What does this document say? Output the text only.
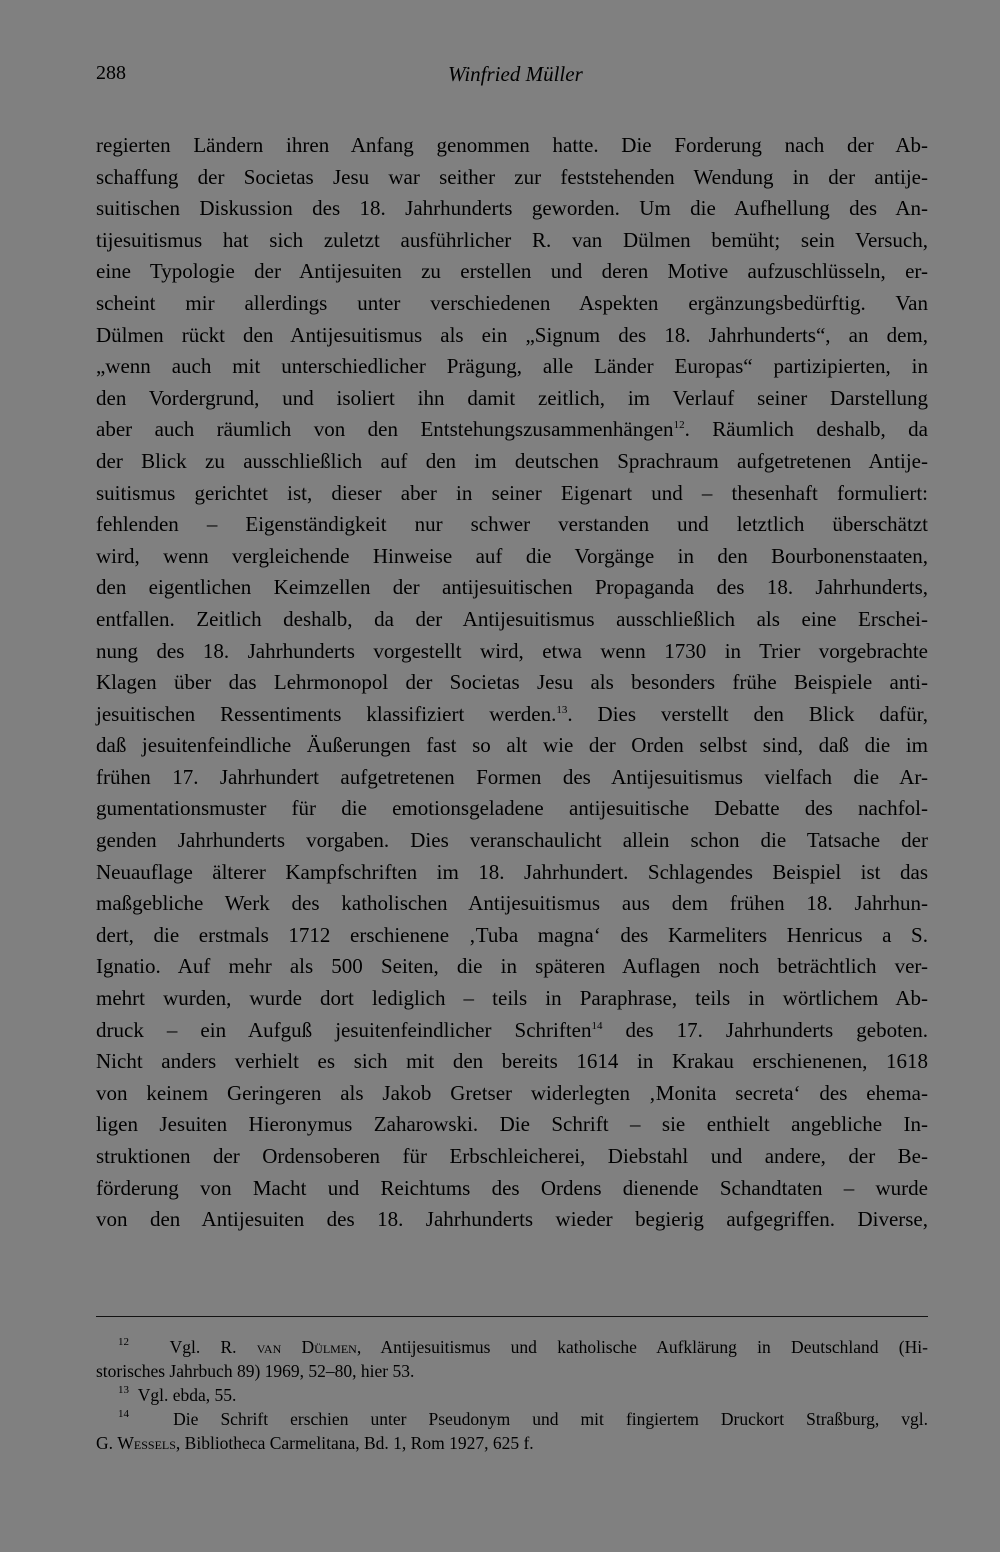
288	Winfried Müller
regierten Ländern ihren Anfang genommen hatte. Die Forderung nach der Ab-
schaffung der Societas Jesu war seither zur feststehenden Wendung in der antije-
suitischen Diskussion des 18. Jahrhunderts geworden. Um die Aufhellung des An-
tijesuitismus hat sich zuletzt ausführlicher R. van Dülmen bemüht; sein Versuch,
eine Typologie der Antijesuiten zu erstellen und deren Motive aufzuschlüsseln, er-
scheint mir allerdings unter verschiedenen Aspekten ergänzungsbedürftig. Van
Dülmen rückt den Antijesuitismus als ein „Signum des 18. Jahrhunderts“, an dem,
„wenn auch mit unterschiedlicher Prägung, alle Länder Europas“ partizipierten, in
den Vordergrund, und isoliert ihn damit zeitlich, im Verlauf seiner Darstellung
aber auch räumlich von den Entstehungszusammenhängen$^{12}$. Räumlich deshalb, da
der Blick zu ausschließlich auf den im deutschen Sprachraum aufgetretenen Antije-
suitismus gerichtet ist, dieser aber in seiner Eigenart und – thesenhaft formuliert:
fehlenden – Eigenständigkeit nur schwer verstanden und letztlich überschätzt
wird, wenn vergleichende Hinweise auf die Vorgänge in den Bourbonenstaaten,
den eigentlichen Keimzellen der antijesuitischen Propaganda des 18. Jahrhunderts,
entfallen. Zeitlich deshalb, da der Antijesuitismus ausschließlich als eine Erschei-
nung des 18. Jahrhunderts vorgestellt wird, etwa wenn 1730 in Trier vorgebrachte
Klagen über das Lehrmonopol der Societas Jesu als besonders frühe Beispiele anti-
jesuitischen Ressentiments klassifiziert werden.$^{13}$. Dies verstellt den Blick dafür,
daß jesuitenfeindliche Äußerungen fast so alt wie der Orden selbst sind, daß die im
frühen 17. Jahrhundert aufgetretenen Formen des Antijesuitismus vielfach die Ar-
gumentationsmuster für die emotionsgeladene antijesuitische Debatte des nachfol-
genden Jahrhunderts vorgaben. Dies veranschaulicht allein schon die Tatsache der
Neuauflage älterer Kampfschriften im 18. Jahrhundert. Schlagendes Beispiel ist das
maßgebliche Werk des katholischen Antijesuitismus aus dem frühen 18. Jahrhun-
dert, die erstmals 1712 erschienene ‚Tuba magna‘ des Karmeliters Henricus a S.
Ignatio. Auf mehr als 500 Seiten, die in späteren Auflagen noch beträchtlich ver-
mehrt wurden, wurde dort lediglich – teils in Paraphrase, teils in wörtlichem Ab-
druck – ein Aufguß jesuitenfeindlicher Schriften$^{14}$ des 17. Jahrhunderts geboten.
Nicht anders verhielt es sich mit den bereits 1614 in Krakau erschienenen, 1618
von keinem Geringeren als Jakob Gretser widerlegten ‚Monita secreta‘ des ehema-
ligen Jesuiten Hieronymus Zaharowski. Die Schrift – sie enthielt angebliche In-
struktionen der Ordensoberen für Erbschleicherei, Diebstahl und andere, der Be-
förderung von Macht und Reichtums des Ordens dienende Schandtaten – wurde
von den Antijesuiten des 18. Jahrhunderts wieder begierig aufgegriffen. Diverse,
$^{12}$ Vgl. R. van Dülmen, Antijesuitismus und katholische Aufklärung in Deutschland (Hi-
storisches Jahrbuch 89) 1969, 52–80, hier 53.
$^{13}$ Vgl. ebda, 55.
$^{14}$	Die Schrift erschien unter Pseudonym und mit fingiertem Druckort Straßburg, vgl.
G. Wessels, Bibliotheca Carmelitana, Bd. 1, Rom 1927, 625 f.
